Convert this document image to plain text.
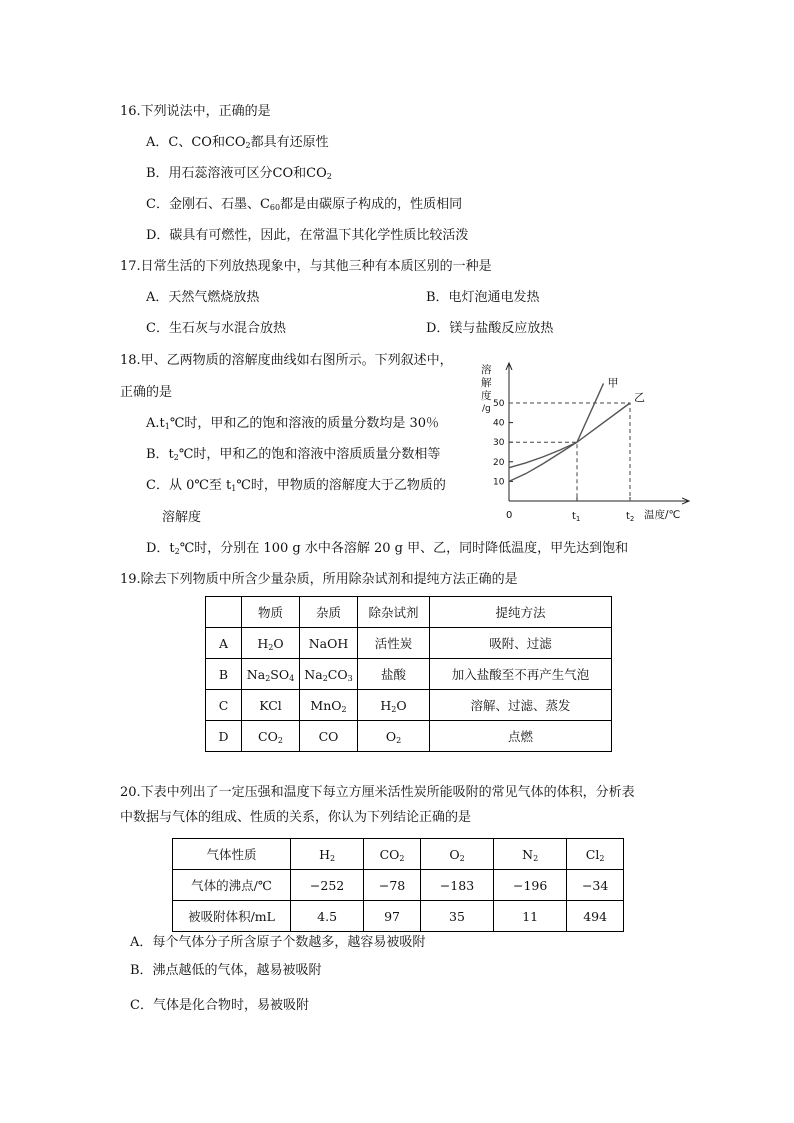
16.下列说法中，正确的是
A．C、CO和$CO_2$都具有还原性
B．用石蕊溶液可区分CO和$CO_2$
C．金刚石、石墨、$C_{60}$都是由碳原子构成的，性质相同
D．碳具有可燃性，因此，在常温下其化学性质比较活泼
17.日常生活的下列放热现象中，与其他三种有本质区别的一种是
A．天然气燃烧放热	B．电灯泡通电发热
C．生石灰与水混合放热	D．镁与盐酸反应放热
18.甲、乙两物质的溶解度曲线如右图所示。下列叙述中，
正确的是
$A.t_1℃$时，甲和乙的饱和溶液的质量分数均是 30％
B．$t_2℃$时，甲和乙的饱和溶液中溶质质量分数相等
C．从 0℃至 $t_1℃$时，甲物质的溶解度大于乙物质的
溶解度
D．$t_2℃$时，分别在 100 g 水中各溶解 20 g 甲、乙，同时降低温度，甲先达到饱和
10
20
30
40
50
甲
乙
溶
解
度
/g
0	$t_1$	$t_2$ 温度/℃
19.除去下列物质中所含少量杂质，所用除杂试剂和提纯方法正确的是
	物质	杂质	除杂试剂	提纯方法
A	$H_2O$	NaOH	活性炭	吸附、过滤
B	$Na_2SO_4$	$Na_2CO_3$	盐酸	加入盐酸至不再产生气泡
C	KCl	MnO$_2$	$H_2O$	溶解、过滤、蒸发
D	$CO_2$	CO	$O_2$	点燃
20.下表中列出了一定压强和温度下每立方厘米活性炭所能吸附的常见气体的体积，分析表
中数据与气体的组成、性质的关系，你认为下列结论正确的是
气体性质	$H_2$	$CO_2$	$O_2$	$N_2$	$Cl_2$
气体的沸点/℃	−252	−78	−183	−196	−34
被吸附体积/mL	4.5	97	35	11	494
A．每个气体分子所含原子个数越多，越容易被吸附
B．沸点越低的气体，越易被吸附
C．气体是化合物时，易被吸附
